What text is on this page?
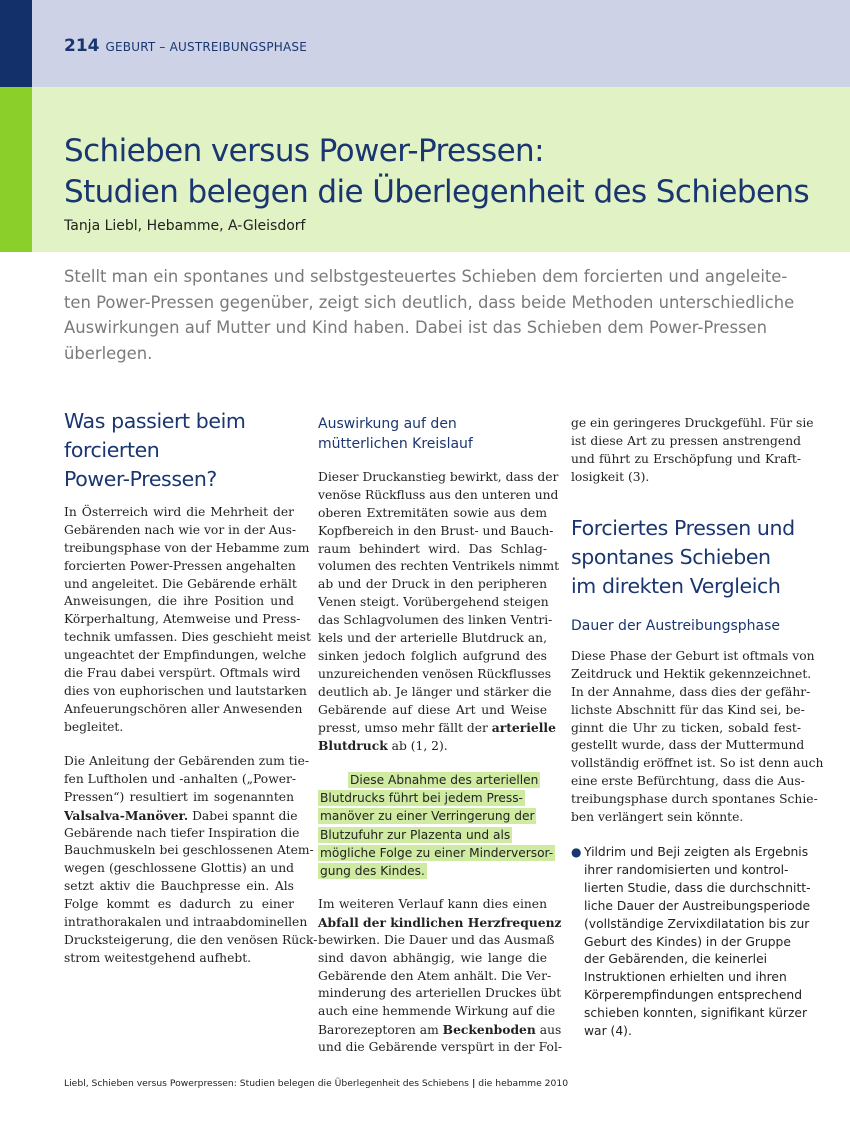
214 GEBURT – AUSTREIBUNGSPHASE
Schieben versus Power-Pressen:
Studien belegen die Überlegenheit des Schiebens
Tanja Liebl, Hebamme, A-Gleisdorf

Stellt man ein spontanes und selbstgesteuertes Schieben dem forcierten und angeleite-
ten Power-Pressen gegenüber, zeigt sich deutlich, dass beide Methoden unterschiedliche
Auswirkungen auf Mutter und Kind haben. Dabei ist das Schieben dem Power-Pressen
überlegen.

Was passiert beim
forcierten
Power-Pressen?

In Österreich wird die Mehrheit der
Gebärenden nach wie vor in der Aus-
treibungsphase von der Hebamme zum
forcierten Power-Pressen angehalten
und angeleitet. Die Gebärende erhält
Anweisungen, die ihre Position und
Körperhaltung, Atemweise und Press-
technik umfassen. Dies geschieht meist
ungeachtet der Empfindungen, welche
die Frau dabei verspürt. Oftmals wird
dies von euphorischen und lautstarken
Anfeuerungschören aller Anwesenden
begleitet.

Die Anleitung der Gebärenden zum tie-
fen Luftholen und -anhalten („Power-
Pressen“) resultiert im sogenannten
Valsalva-Manöver. Dabei spannt die
Gebärende nach tiefer Inspiration die
Bauchmuskeln bei geschlossenen Atem-
wegen (geschlossene Glottis) an und
setzt aktiv die Bauchpresse ein. Als
Folge kommt es dadurch zu einer
intrathorakalen und intraabdominellen
Drucksteigerung, die den venösen Rück-
strom weitestgehend aufhebt.

Auswirkung auf den
mütterlichen Kreislauf

Dieser Druckanstieg bewirkt, dass der
venöse Rückfluss aus den unteren und
oberen Extremitäten sowie aus dem
Kopfbereich in den Brust- und Bauch-
raum behindert wird. Das Schlag-
volumen des rechten Ventrikels nimmt
ab und der Druck in den peripheren
Venen steigt. Vorübergehend steigen
das Schlagvolumen des linken Ventri-
kels und der arterielle Blutdruck an,
sinken jedoch folglich aufgrund des
unzureichenden venösen Rückflusses
deutlich ab. Je länger und stärker die
Gebärende auf diese Art und Weise
presst, umso mehr fällt der arterielle
Blutdruck ab (1, 2).

Diese Abnahme des arteriellen
Blutdrucks führt bei jedem Press-
manöver zu einer Verringerung der
Blutzufuhr zur Plazenta und als
mögliche Folge zu einer Minderversor-
gung des Kindes.

Im weiteren Verlauf kann dies einen
Abfall der kindlichen Herzfrequenz
bewirken. Die Dauer und das Ausmaß
sind davon abhängig, wie lange die
Gebärende den Atem anhält. Die Ver-
minderung des arteriellen Druckes übt
auch eine hemmende Wirkung auf die
Barorezeptoren am Beckenboden aus
und die Gebärende verspürt in der Fol-

ge ein geringeres Druckgefühl. Für sie
ist diese Art zu pressen anstrengend
und führt zu Erschöpfung und Kraft-
losigkeit (3).

Forciertes Pressen und
spontanes Schieben
im direkten Vergleich
Dauer der Austreibungsphase

Diese Phase der Geburt ist oftmals von
Zeitdruck und Hektik gekennzeichnet.
In der Annahme, dass dies der gefähr-
lichste Abschnitt für das Kind sei, be-
ginnt die Uhr zu ticken, sobald fest-
gestellt wurde, dass der Muttermund
vollständig eröffnet ist. So ist denn auch
eine erste Befürchtung, dass die Aus-
treibungsphase durch spontanes Schie-
ben verlängert sein könnte.

● Yildrim und Beji zeigten als Ergebnis
ihrer randomisierten und kontrol-
lierten Studie, dass die durchschnitt-
liche Dauer der Austreibungsperiode
(vollständige Zervixdilatation bis zur
Geburt des Kindes) in der Gruppe
der Gebärenden, die keinerlei
Instruktionen erhielten und ihren
Körperempfindungen entsprechend
schieben konnten, signifikant kürzer
war (4).
Liebl, Schieben versus Powerpressen: Studien belegen die Überlegenheit des Schiebens | die hebamme 2010
